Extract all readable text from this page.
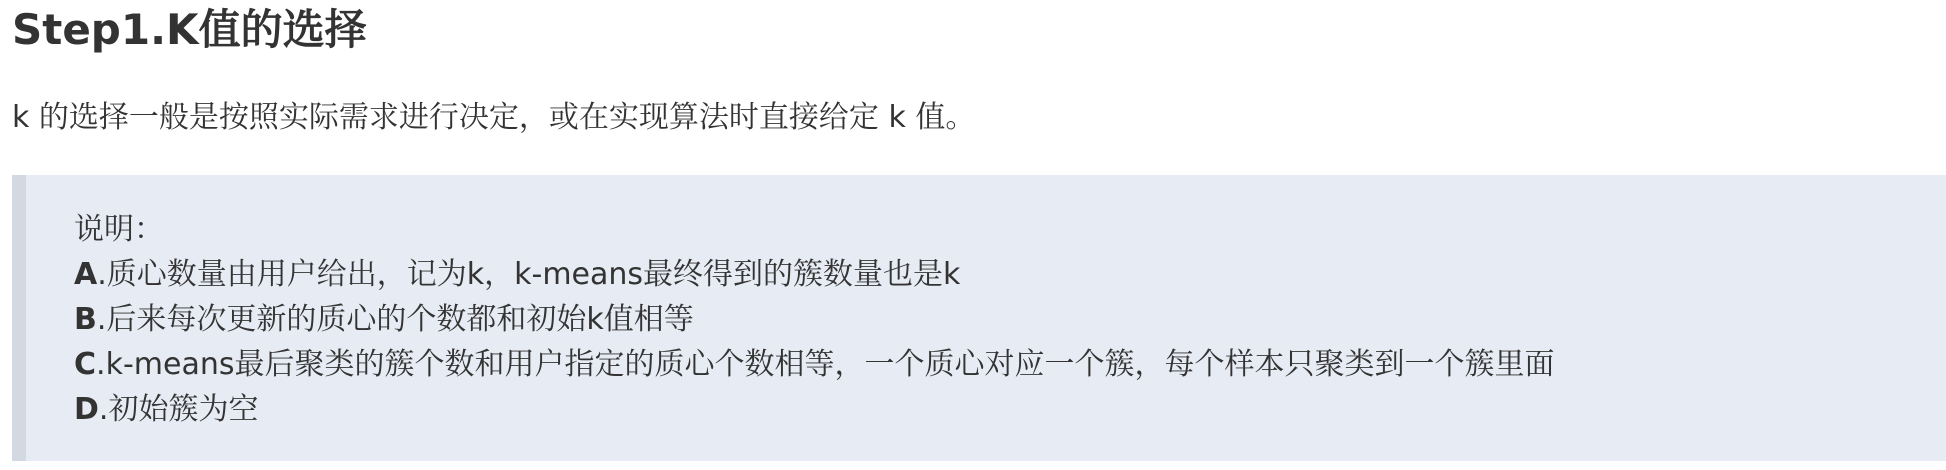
Step1.K值的选择

k 的选择一般是按照实际需求进行决定，或在实现算法时直接给定 k 值。

说明：
A.质心数量由用户给出，记为k，k-means最终得到的簇数量也是k
B.后来每次更新的质心的个数都和初始k值相等
C.k-means最后聚类的簇个数和用户指定的质心个数相等，一个质心对应一个簇，每个样本只聚类到一个簇里面
D.初始簇为空
